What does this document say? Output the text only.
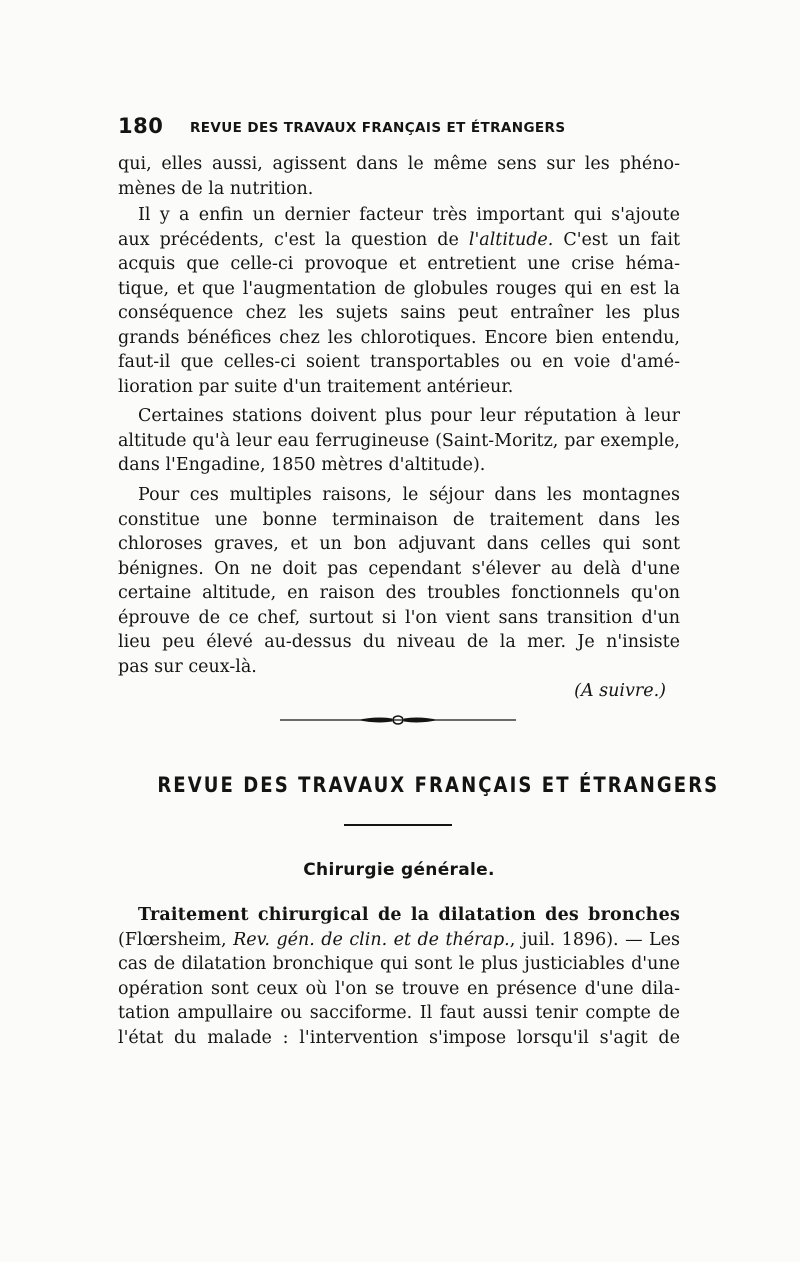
180 REVUE DES TRAVAUX FRANÇAIS ET ÉTRANGERS
qui, elles aussi, agissent dans le même sens sur les phéno-
mènes de la nutrition.
Il y a enfin un dernier facteur très important qui s'ajoute
aux précédents, c'est la question de l'altitude. C'est un fait
acquis que celle-ci provoque et entretient une crise héma-
tique, et que l'augmentation de globules rouges qui en est la
conséquence chez les sujets sains peut entraîner les plus
grands bénéfices chez les chlorotiques. Encore bien entendu,
faut-il que celles-ci soient transportables ou en voie d'amé-
lioration par suite d'un traitement antérieur.
Certaines stations doivent plus pour leur réputation à leur
altitude qu'à leur eau ferrugineuse (Saint-Moritz, par exemple,
dans l'Engadine, 1850 mètres d'altitude).
Pour ces multiples raisons, le séjour dans les montagnes
constitue une bonne terminaison de traitement dans les
chloroses graves, et un bon adjuvant dans celles qui sont
bénignes. On ne doit pas cependant s'élever au delà d'une
certaine altitude, en raison des troubles fonctionnels qu'on
éprouve de ce chef, surtout si l'on vient sans transition d'un
lieu peu élevé au-dessus du niveau de la mer. Je n'insiste
pas sur ceux-là.
(A suivre.)
REVUE DES TRAVAUX FRANÇAIS ET ÉTRANGERS
Chirurgie générale.
Traitement chirurgical de la dilatation des bronches
(Flœrsheim, Rev. gén. de clin. et de thérap., juil. 1896). — Les
cas de dilatation bronchique qui sont le plus justiciables d'une
opération sont ceux où l'on se trouve en présence d'une dila-
tation ampullaire ou sacciforme. Il faut aussi tenir compte de
l'état du malade : l'intervention s'impose lorsqu'il s'agit de
